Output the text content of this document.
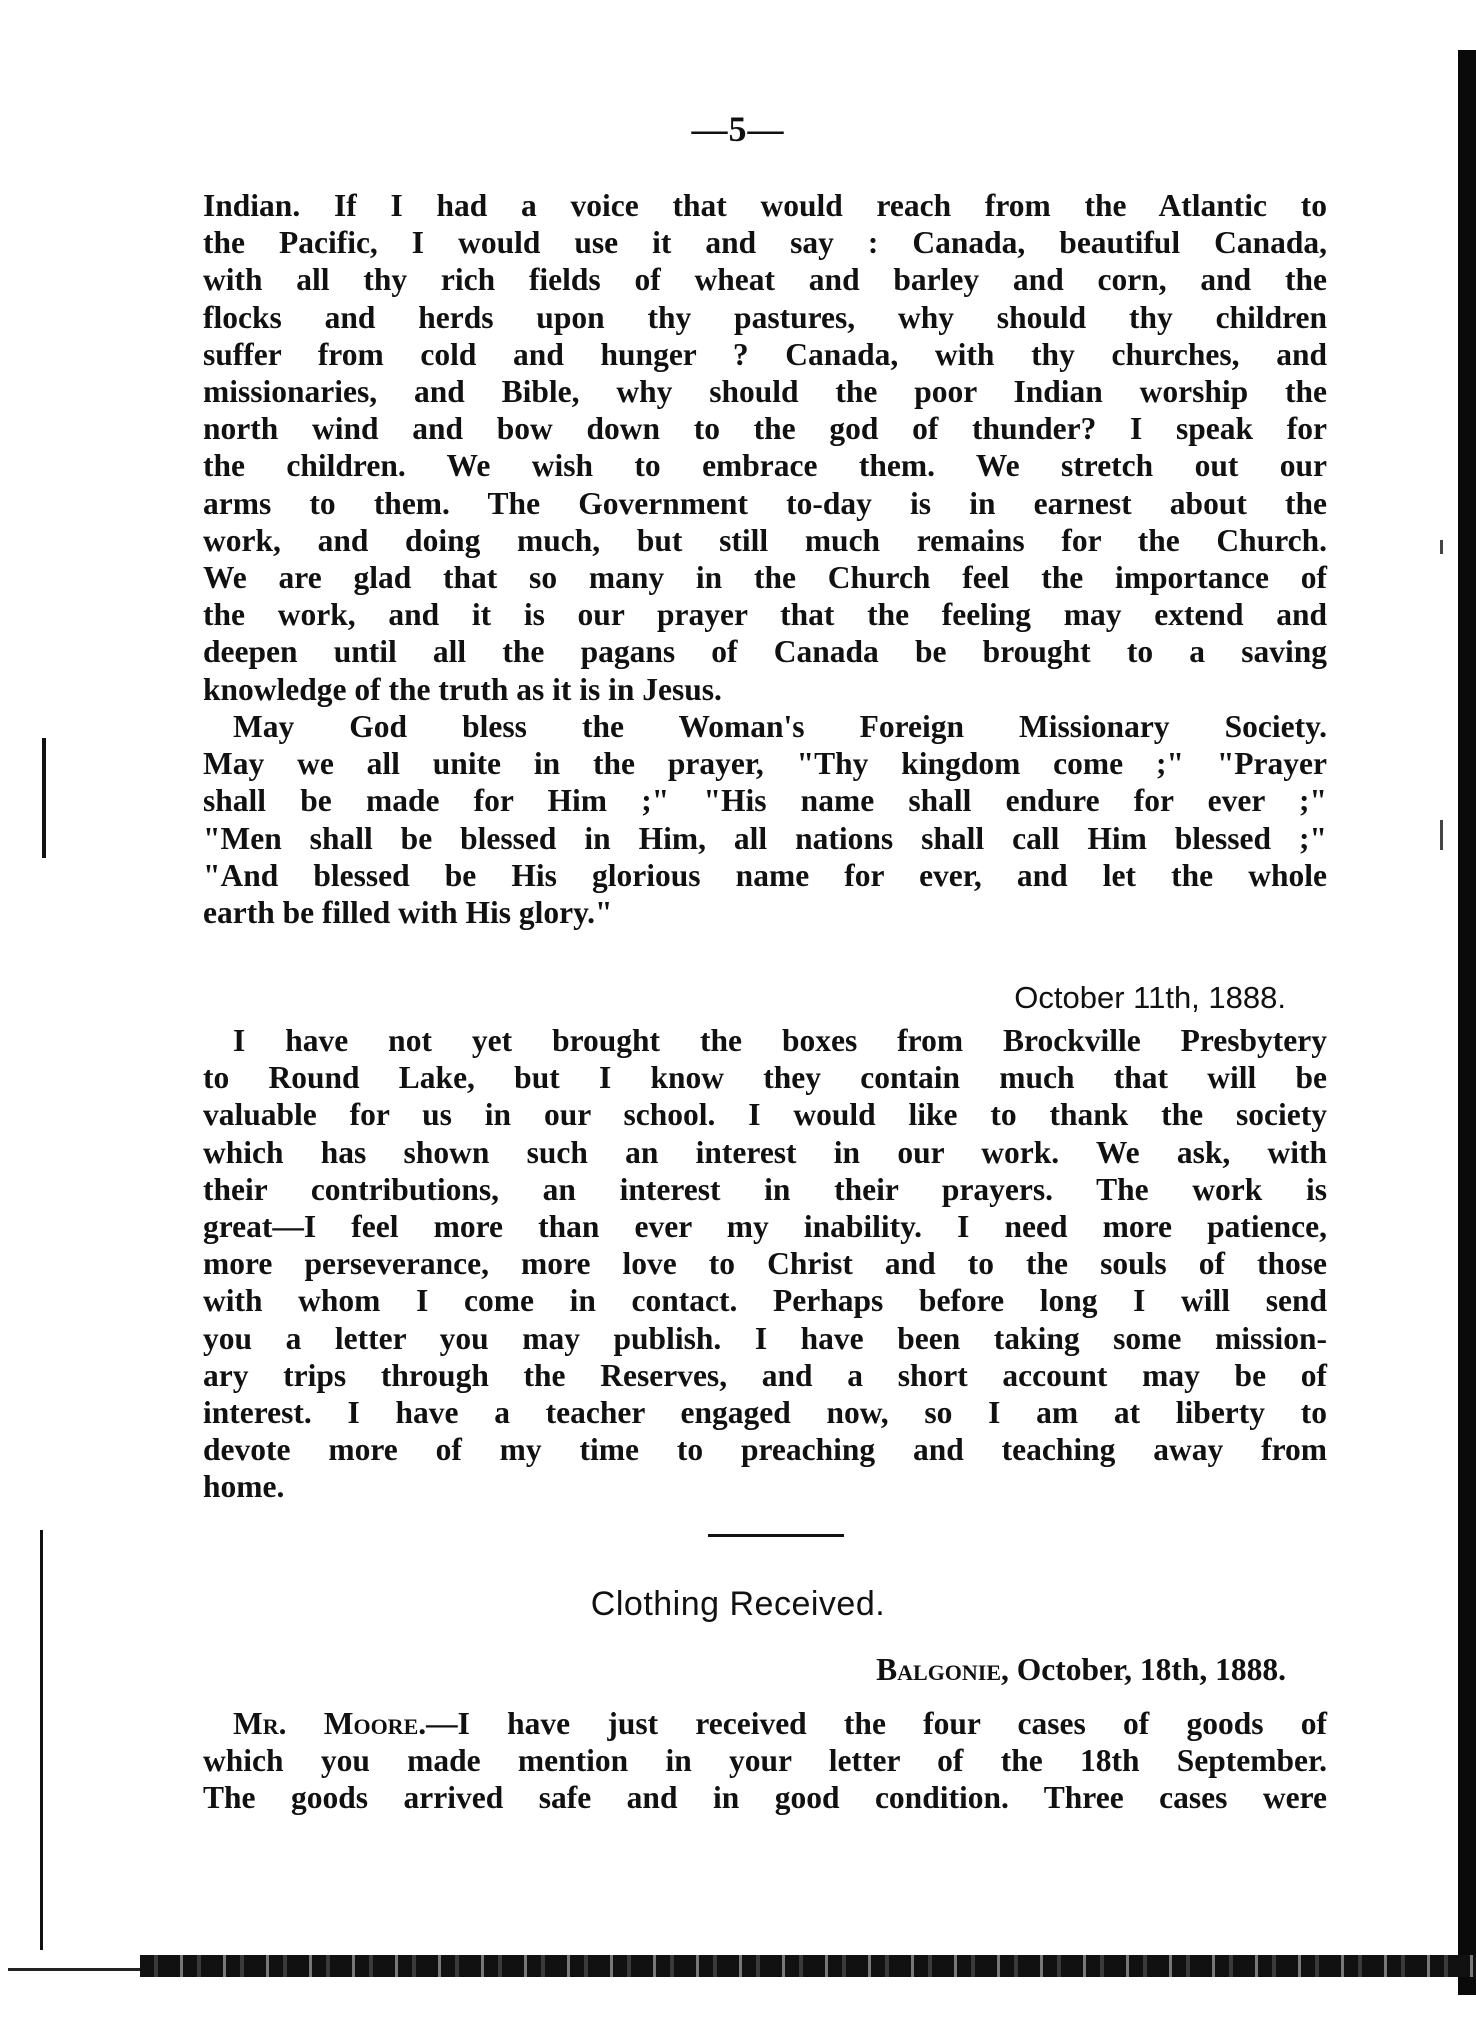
—5—

Indian. If I had a voice that would reach from the Atlantic to
the Pacific, I would use it and say : Canada, beautiful Canada,
with all thy rich fields of wheat and barley and corn, and the
flocks and herds upon thy pastures, why should thy children
suffer from cold and hunger ? Canada, with thy churches, and
missionaries, and Bible, why should the poor Indian worship the
north wind and bow down to the god of thunder? I speak for
the children. We wish to embrace them. We stretch out our
arms to them. The Government to-day is in earnest about the
work, and doing much, but still much remains for the Church.
We are glad that so many in the Church feel the importance of
the work, and it is our prayer that the feeling may extend and
deepen until all the pagans of Canada be brought to a saving
knowledge of the truth as it is in Jesus.

May God bless the Woman's Foreign Missionary Society.
May we all unite in the prayer, "Thy kingdom come ;" "Prayer
shall be made for Him ;" "His name shall endure for ever ;"
"Men shall be blessed in Him, all nations shall call Him blessed ;"
"And blessed be His glorious name for ever, and let the whole
earth be filled with His glory."

October 11th, 1888.

I have not yet brought the boxes from Brockville Presbytery
to Round Lake, but I know they contain much that will be
valuable for us in our school. I would like to thank the society
which has shown such an interest in our work. We ask, with
their contributions, an interest in their prayers. The work is
great—I feel more than ever my inability. I need more patience,
more perseverance, more love to Christ and to the souls of those
with whom I come in contact. Perhaps before long I will send
you a letter you may publish. I have been taking some mission-
ary trips through the Reserves, and a short account may be of
interest. I have a teacher engaged now, so I am at liberty to
devote more of my time to preaching and teaching away from
home.

Clothing Received.
Balgonie, October, 18th, 1888.

Mr. Moore.—I have just received the four cases of goods of
which you made mention in your letter of the 18th September.
The goods arrived safe and in good condition. Three cases were
